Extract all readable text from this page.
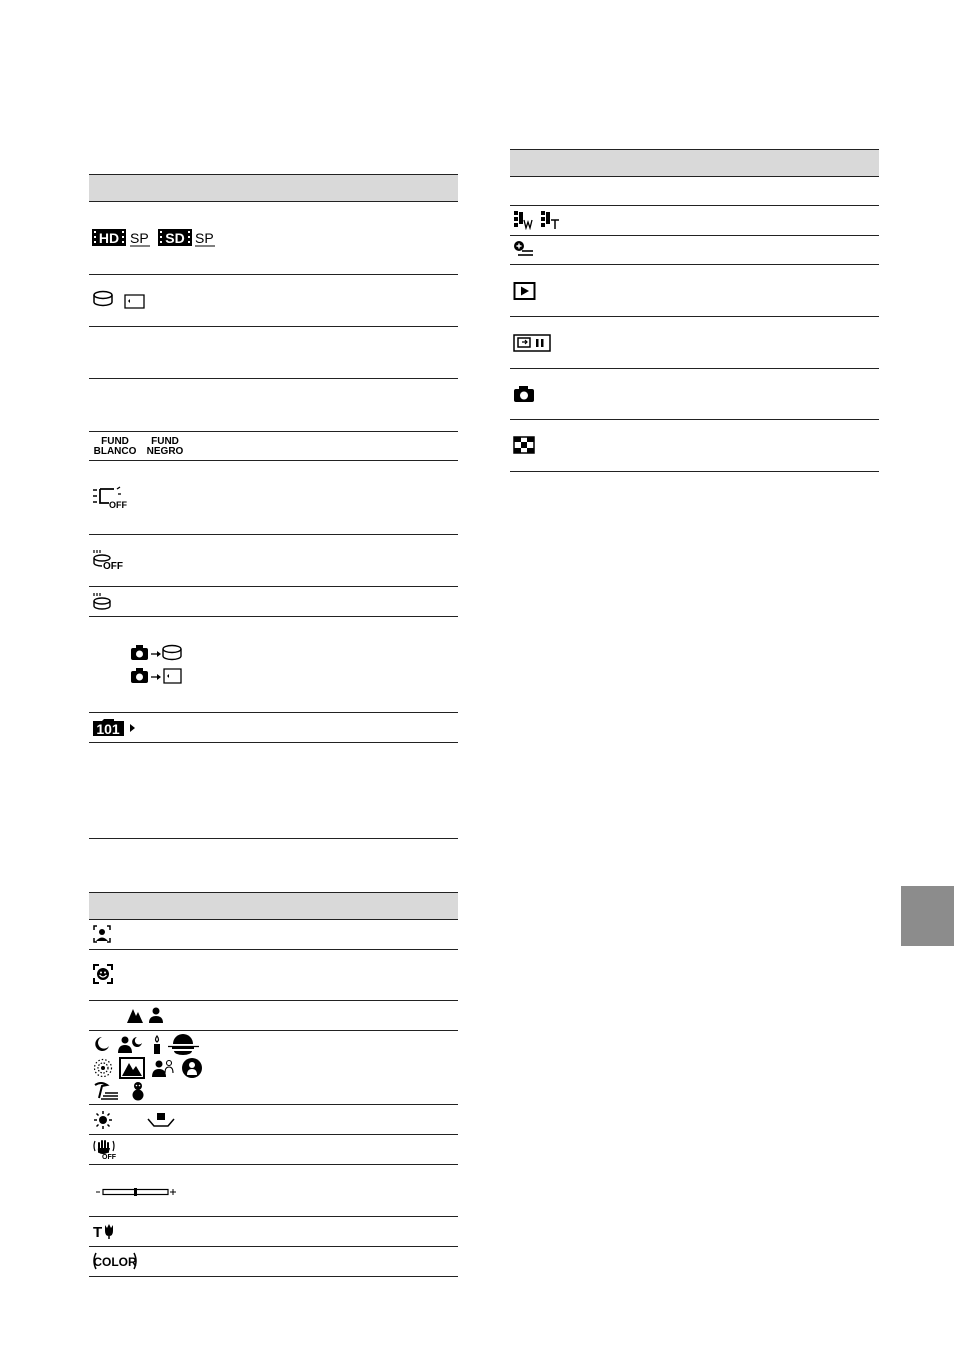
HD SP SD SP
FUND
BLANCO
FUND
NEGRO
OFF
OFF
101
OFF
T
COLOR
